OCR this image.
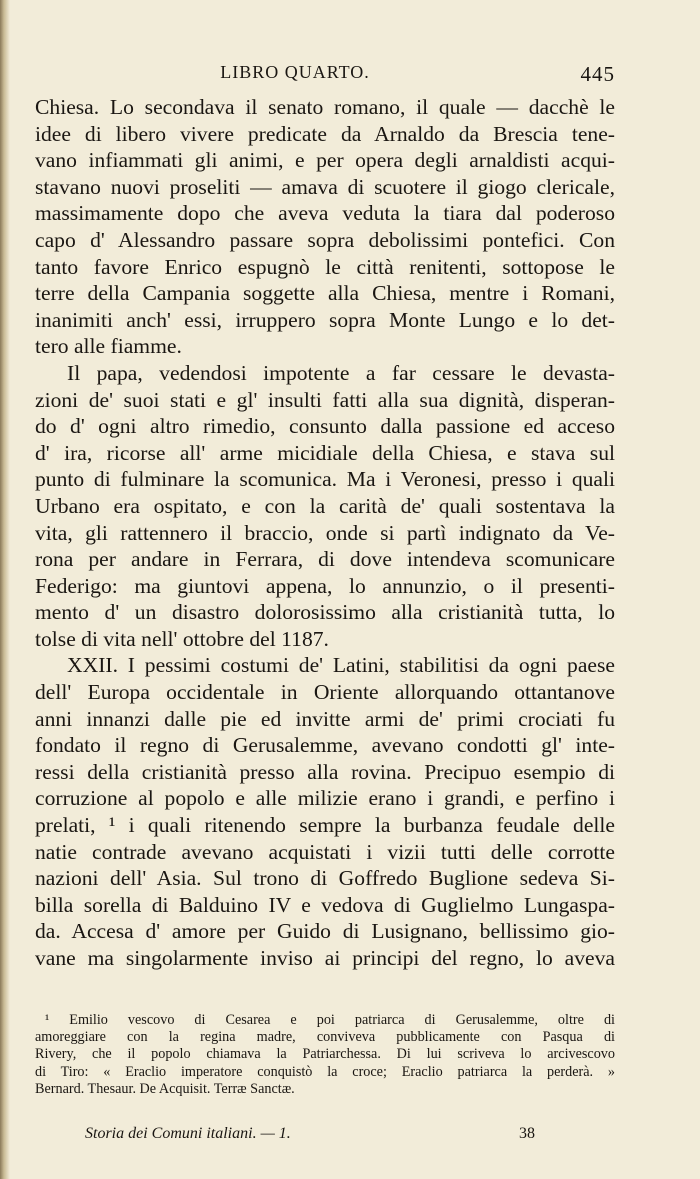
LIBRO QUARTO.	445
Chiesa. Lo secondava il senato romano, il quale — dacchè le
idee di libero vivere predicate da Arnaldo da Brescia tene-
vano infiammati gli animi, e per opera degli arnaldisti acqui-
stavano nuovi proseliti — amava di scuotere il giogo clericale,
massimamente dopo che aveva veduta la tiara dal poderoso
capo d' Alessandro passare sopra debolissimi pontefici. Con
tanto favore Enrico espugnò le città renitenti, sottopose le
terre della Campania soggette alla Chiesa, mentre i Romani,
inanimiti anch' essi, irruppero sopra Monte Lungo e lo det-
tero alle fiamme.
Il papa, vedendosi impotente a far cessare le devasta-
zioni de' suoi stati e gl' insulti fatti alla sua dignità, disperan-
do d' ogni altro rimedio, consunto dalla passione ed acceso
d' ira, ricorse all' arme micidiale della Chiesa, e stava sul
punto di fulminare la scomunica. Ma i Veronesi, presso i quali
Urbano era ospitato, e con la carità de' quali sostentava la
vita, gli rattennero il braccio, onde si partì indignato da Ve-
rona per andare in Ferrara, di dove intendeva scomunicare
Federigo: ma giuntovi appena, lo annunzio, o il presenti-
mento d' un disastro dolorosissimo alla cristianità tutta, lo
tolse di vita nell' ottobre del 1187.
XXII. I pessimi costumi de' Latini, stabilitisi da ogni paese
dell' Europa occidentale in Oriente allorquando ottantanove
anni innanzi dalle pie ed invitte armi de' primi crociati fu
fondato il regno di Gerusalemme, avevano condotti gl' inte-
ressi della cristianità presso alla rovina. Precipuo esempio di
corruzione al popolo e alle milizie erano i grandi, e perfino i
prelati, ¹ i quali ritenendo sempre la burbanza feudale delle
natie contrade avevano acquistati i vizii tutti delle corrotte
nazioni dell' Asia. Sul trono di Goffredo Buglione sedeva Si-
billa sorella di Balduino IV e vedova di Guglielmo Lungaspa-
da. Accesa d' amore per Guido di Lusignano, bellissimo gio-
vane ma singolarmente inviso ai principi del regno, lo aveva
¹ Emilio vescovo di Cesarea e poi patriarca di Gerusalemme, oltre di
amoreggiare con la regina madre, conviveva pubblicamente con Pasqua di
Rivery, che il popolo chiamava la Patriarchessa. Di lui scriveva lo arcivescovo
di Tiro: « Eraclio imperatore conquistò la croce; Eraclio patriarca la perderà. »
Bernard. Thesaur. De Acquisit. Terræ Sanctæ.
Storia dei Comuni italiani. — 1.	38
